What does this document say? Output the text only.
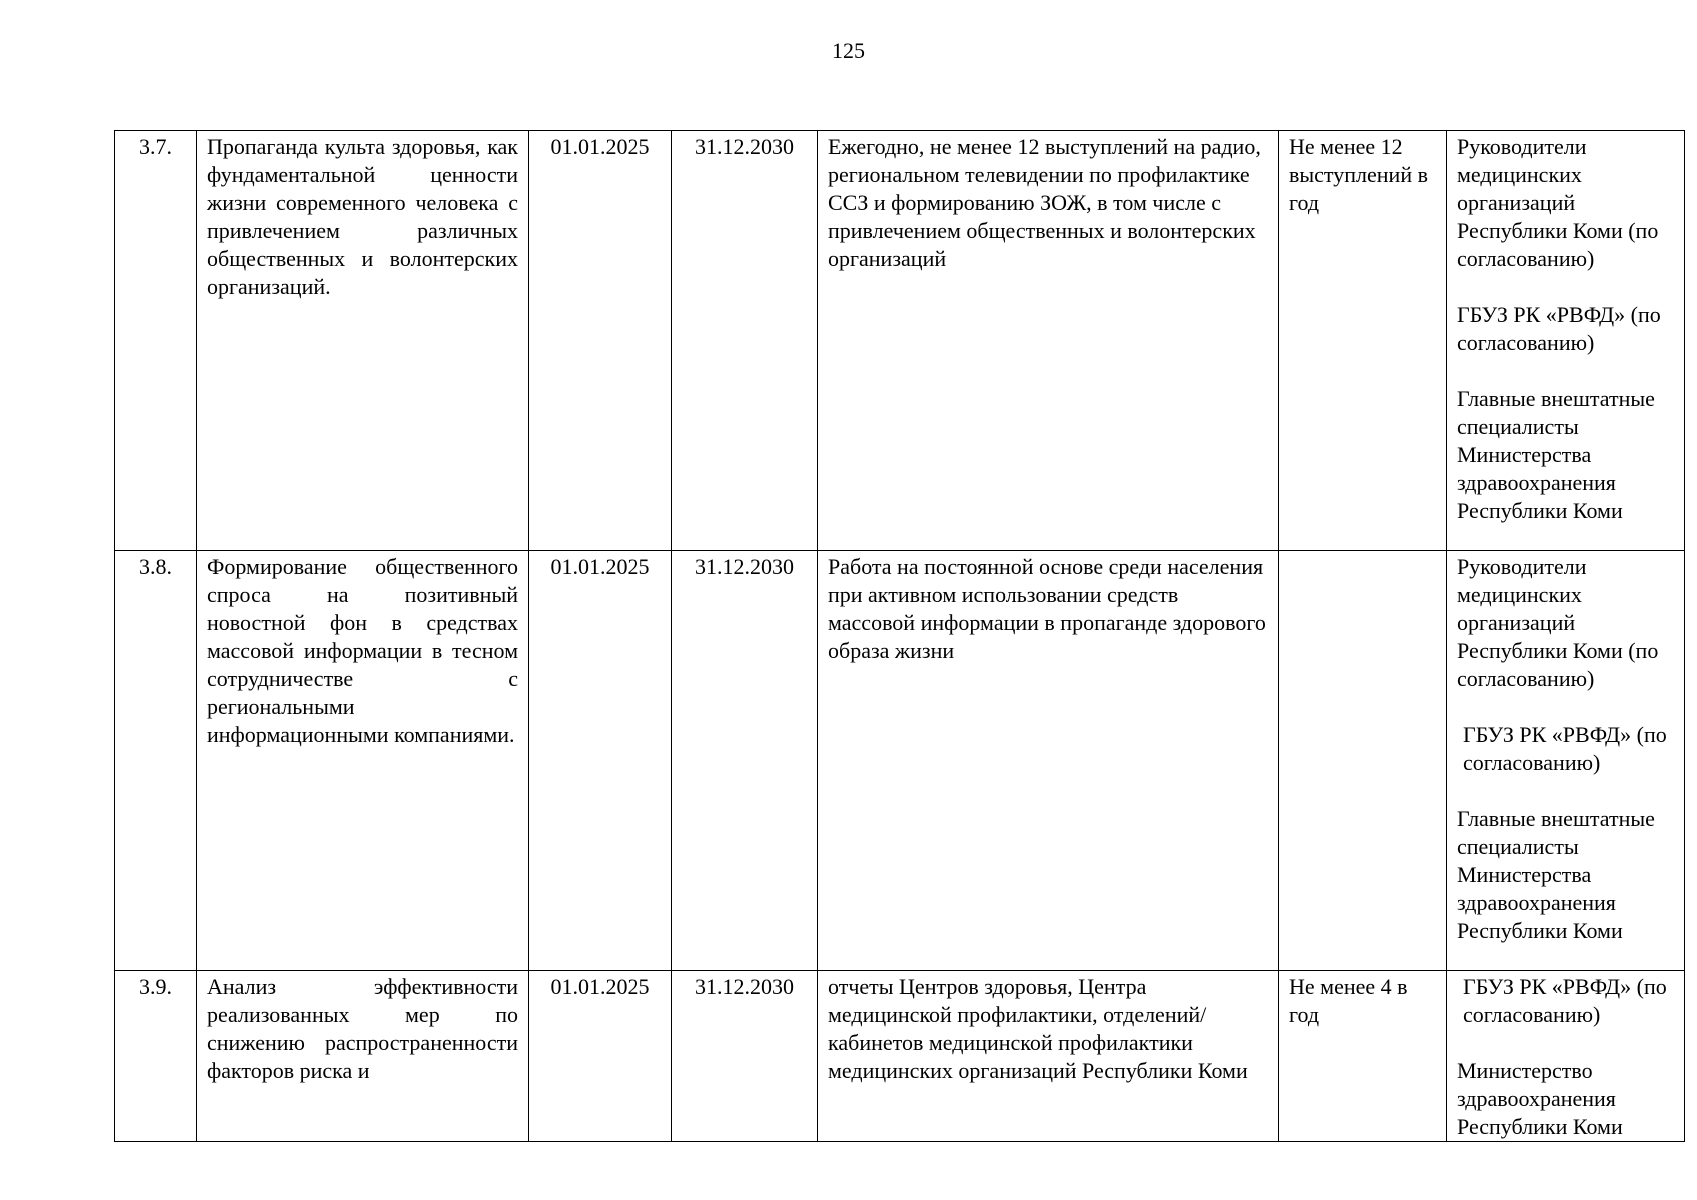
125
3.7.	Пропаганда культа здоровья, как фундаментальной ценности жизни современного человека с привлечением различных общественных и волонтерских организаций.	01.01.2025	31.12.2030	Ежегодно, не менее 12 выступлений на радио, региональном телевидении по профилактике ССЗ и формированию ЗОЖ, в том числе с привлечением общественных и волонтерских организаций	Не менее 12 выступлений в год	Руководители медицинских организаций Республики Коми (по согласованию)
ГБУЗ РК «РВФД» (по согласованию)
Главные внештатные специалисты Министерства здравоохранения Республики Коми

3.8.	Формирование общественного спроса на позитивный новостной фон в средствах массовой информации в тесном сотрудничестве с региональными информационными компаниями.	01.01.2025	31.12.2030	Работа на постоянной основе среди населения при активном использовании средств массовой информации в пропаганде здорового образа жизни		Руководители медицинских организаций Республики Коми (по согласованию)
ГБУЗ РК «РВФД» (по согласованию)
Главные внештатные специалисты Министерства здравоохранения Республики Коми

3.9.	Анализ эффективности реализованных мер по снижению распространенности факторов риска и	01.01.2025	31.12.2030	отчеты Центров здоровья, Центра медицинской профилактики, отделений/кабинетов медицинской профилактики медицинских организаций Республики Коми	Не менее 4 в год	ГБУЗ РК «РВФД» (по согласованию)
Министерство здравоохранения Республики Коми
